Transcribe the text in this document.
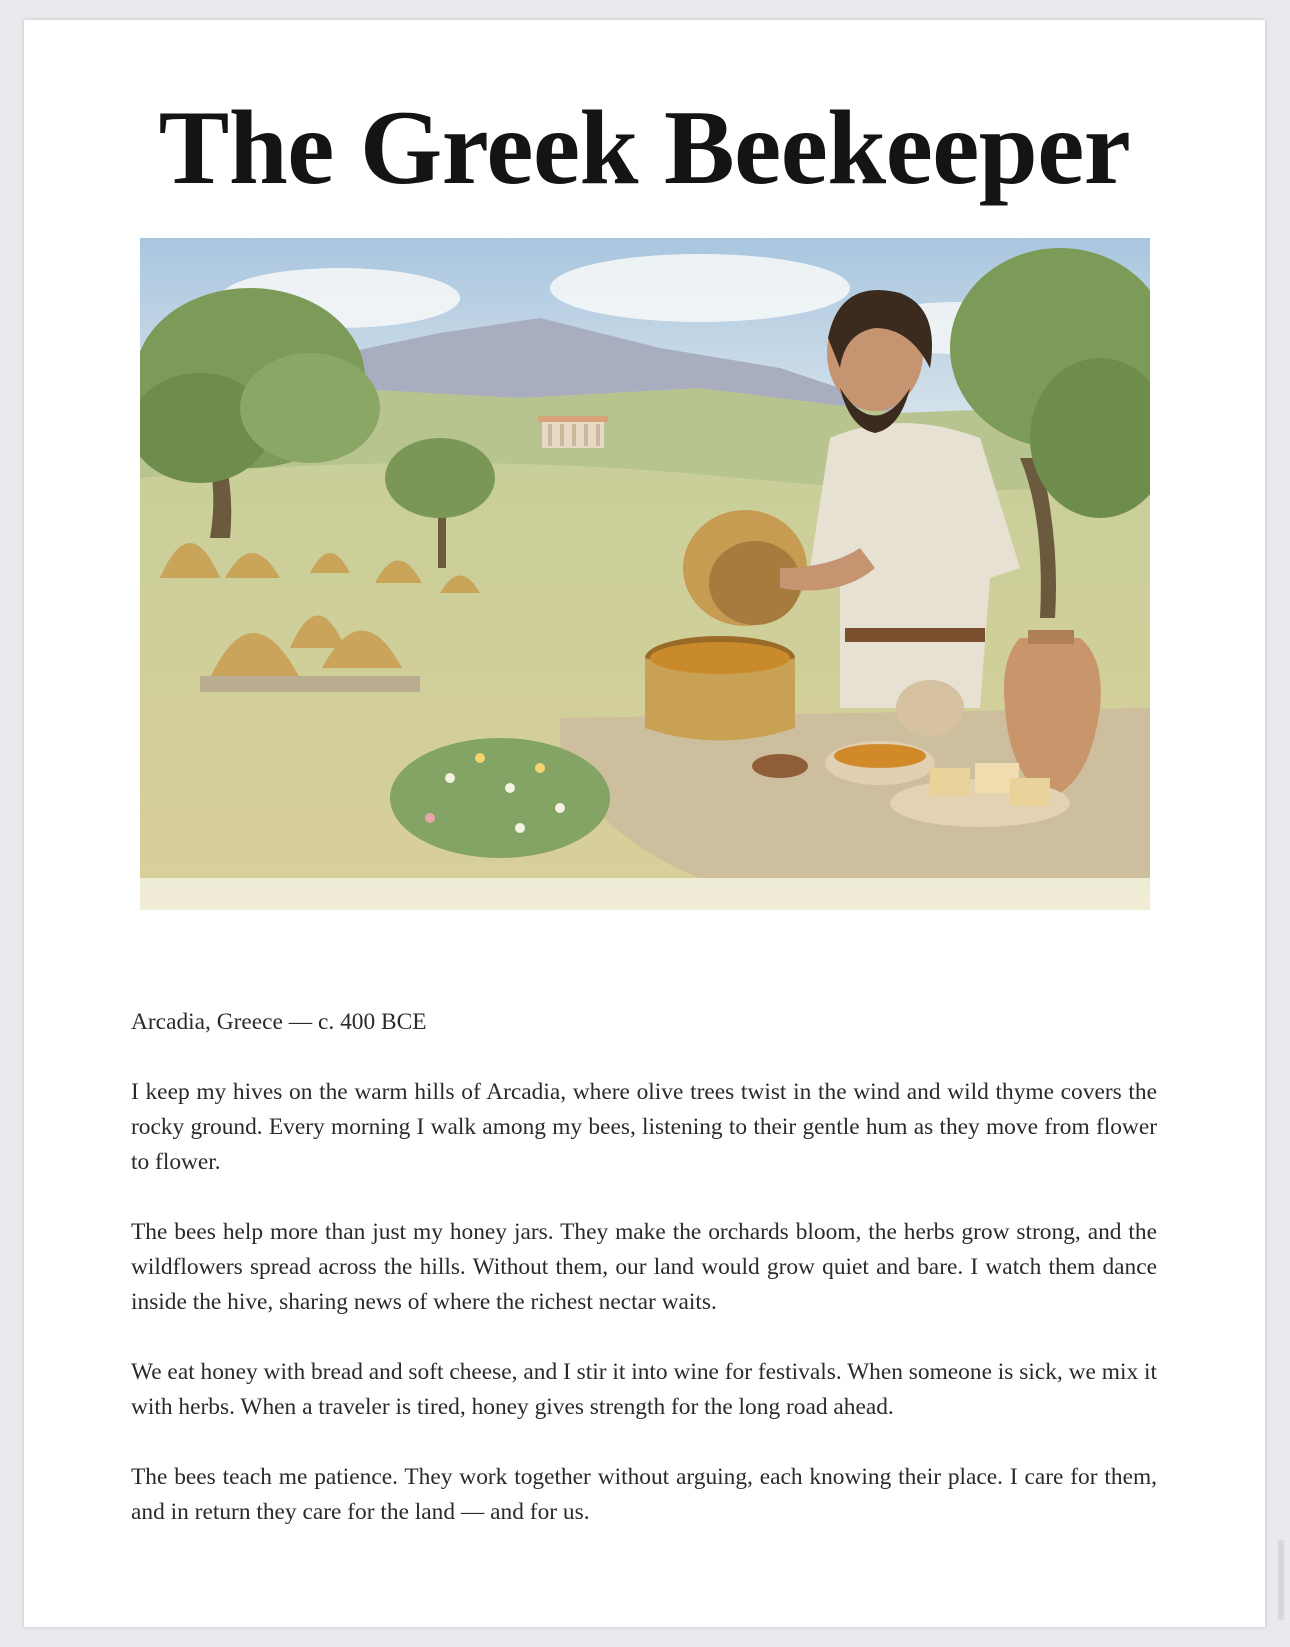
The Greek Beekeeper

Arcadia, Greece — c. 400 BCE

I keep my hives on the warm hills of Arcadia, where olive trees twist in the wind and wild thyme covers the rocky ground. Every morning I walk among my bees, listening to their gentle hum as they move from flower to flower.

The bees help more than just my honey jars. They make the orchards bloom, the herbs grow strong, and the wildflowers spread across the hills. Without them, our land would grow quiet and bare. I watch them dance inside the hive, sharing news of where the richest nectar waits.

We eat honey with bread and soft cheese, and I stir it into wine for festivals. When someone is sick, we mix it with herbs. When a traveler is tired, honey gives strength for the long road ahead.

The bees teach me patience. They work together without arguing, each knowing their place. I care for them, and in return they care for the land — and for us.
